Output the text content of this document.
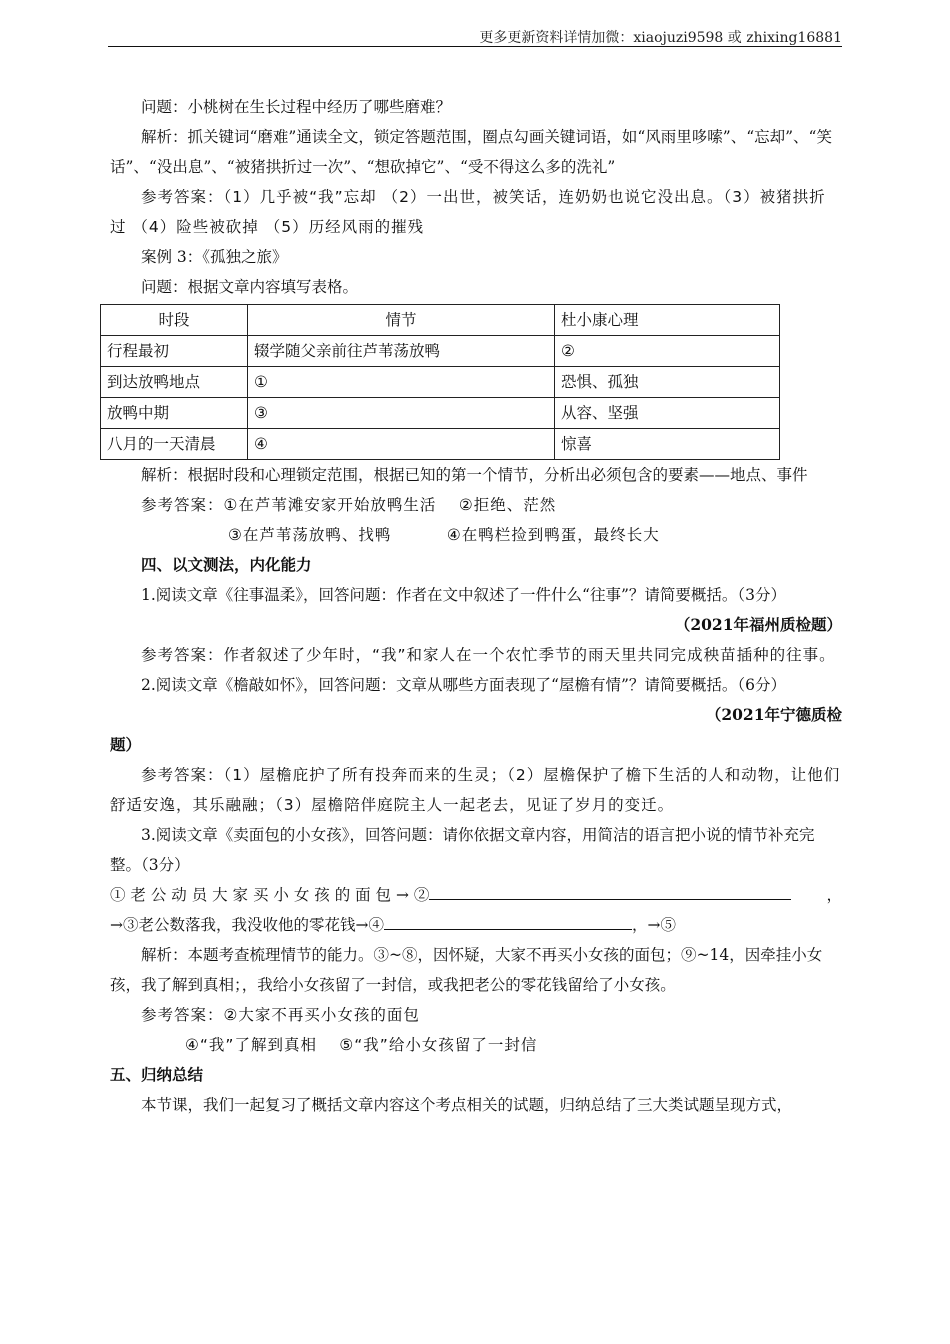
更多更新资料详情加微：xiaojuzi9598 或 zhixing16881

问题：小桃树在生长过程中经历了哪些磨难？

解析：抓关键词“磨难”通读全文，锁定答题范围，圈点勾画关键词语，如“风雨里哆嗦”、“忘却”、“笑话”、“没出息”、“被猪拱折过一次”、“想砍掉它”、“受不得这么多的洗礼”

参考答案：（1）几乎被“我”忘却 （2）一出世，被笑话，连奶奶也说它没出息。（3）被猪拱折过 （4）险些被砍掉 （5）历经风雨的摧残

案例 3：《孤独之旅》

问题：根据文章内容填写表格。

时段	情节	杜小康心理
行程最初	辍学随父亲前往芦苇荡放鸭	②
到达放鸭地点	①	恐惧、孤独
放鸭中期	③	从容、坚强
八月的一天清晨	④	惊喜

解析：根据时段和心理锁定范围，根据已知的第一个情节，分析出必须包含的要素——地点、事件

参考答案：①在芦苇滩安家开始放鸭生活　 ②拒绝、茫然

③在芦苇荡放鸭、找鸭　　　 ④在鸭栏捡到鸭蛋，最终长大

四、以文测法，内化能力

1.阅读文章《往事温柔》，回答问题：作者在文中叙述了一件什么“往事”？请简要概括。（3分）

（2021年福州质检题）

参考答案：作者叙述了少年时，“我”和家人在一个农忙季节的雨天里共同完成秧苗插种的往事。

2.阅读文章《檐敲如怀》，回答问题：文章从哪些方面表现了“屋檐有情”？请简要概括。（6分）

（2021年宁德质检

题）

参考答案：（1）屋檐庇护了所有投奔而来的生灵；（2）屋檐保护了檐下生活的人和动物，让他们舒适安逸，其乐融融；（3）屋檐陪伴庭院主人一起老去，见证了岁月的变迁。

3.阅读文章《卖面包的小女孩》，回答问题：请你依据文章内容，用简洁的语言把小说的情节补充完整。（3分）

① 老 公 动 员 大 家 买 小 女 孩 的 面 包 → ②	，

→③老公数落我，我没收他的零花钱→④	，→⑤

解析：本题考查梳理情节的能力。③~⑧，因怀疑，大家不再买小女孩的面包；⑨~14，因牵挂小女孩，我了解到真相；，我给小女孩留了一封信，或我把老公的零花钱留给了小女孩。

参考答案：②大家不再买小女孩的面包

④“我”了解到真相　 ⑤“我”给小女孩留了一封信

五、归纳总结

本节课，我们一起复习了概括文章内容这个考点相关的试题，归纳总结了三大类试题呈现方式，
